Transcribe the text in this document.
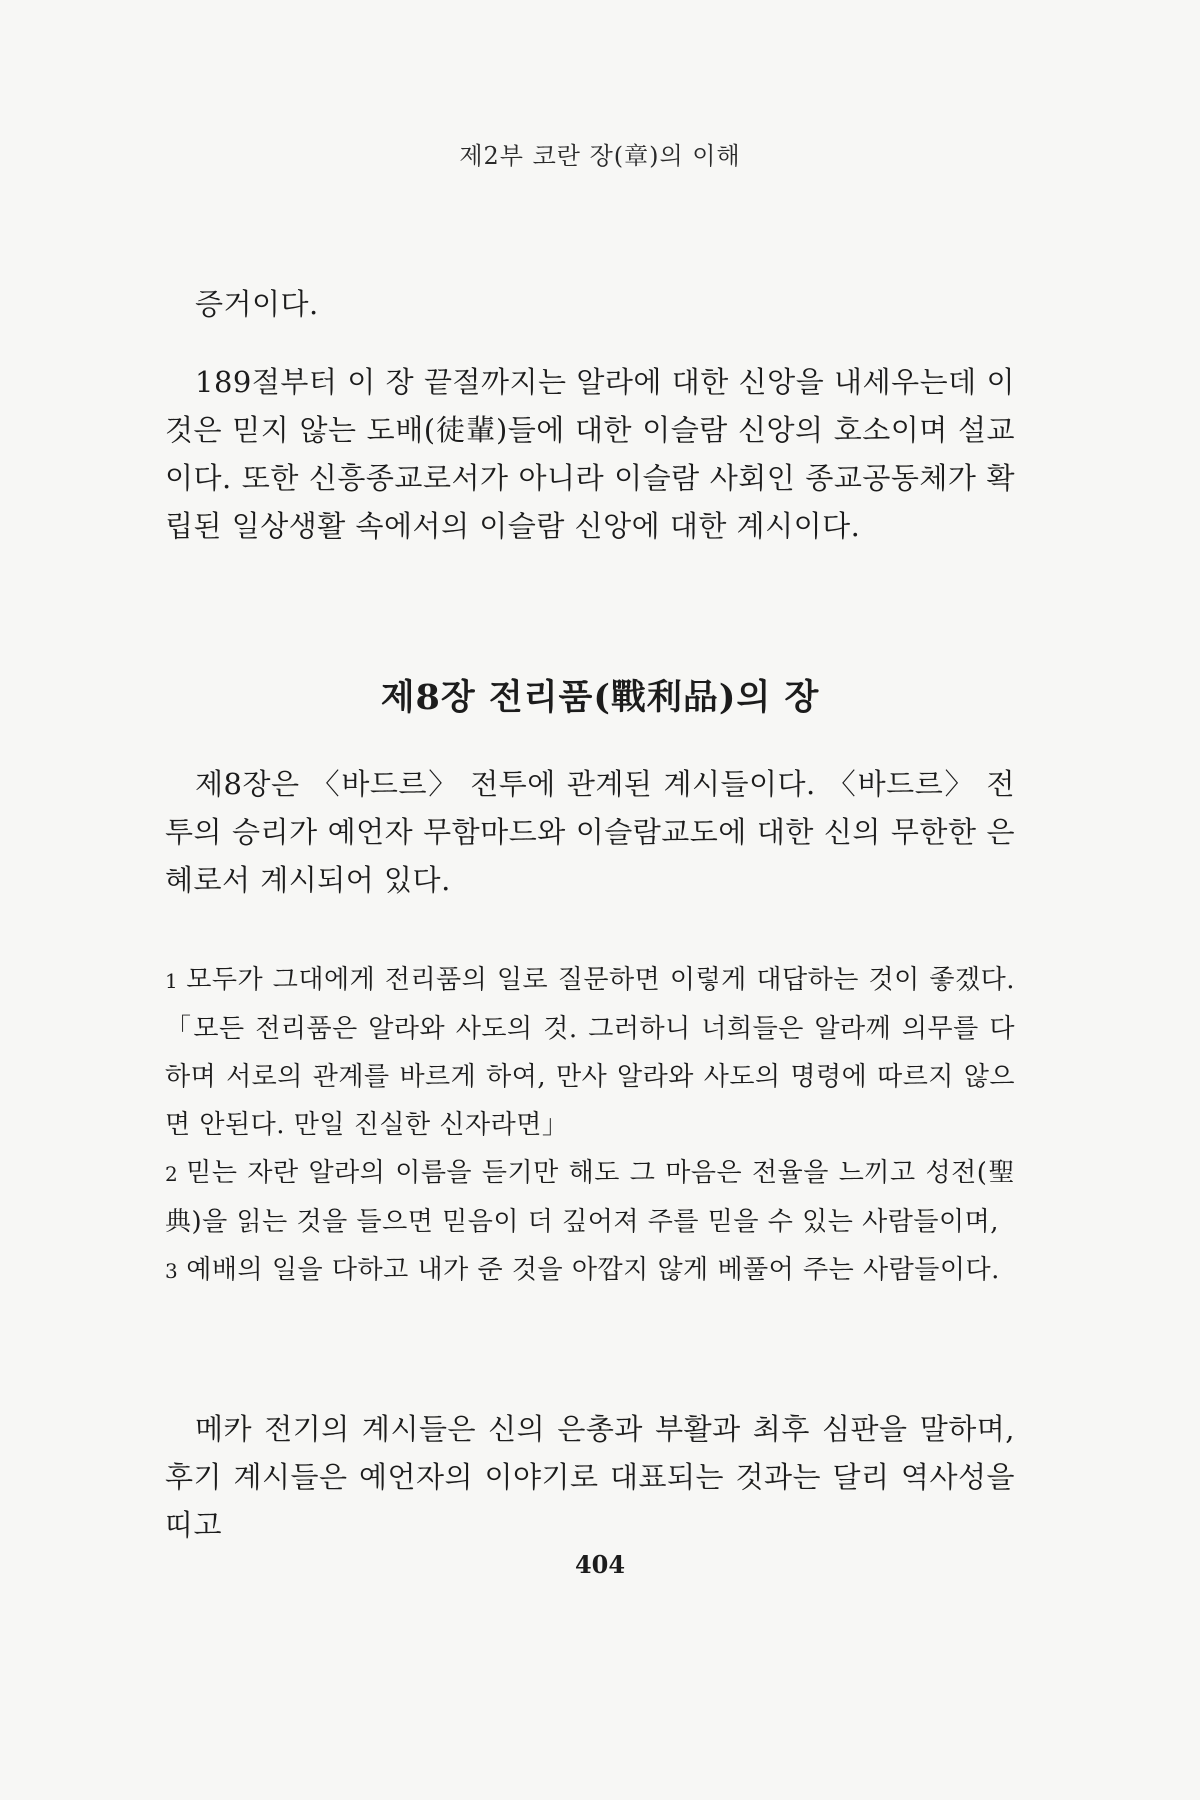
제2부 코란 장(章)의 이해

증거이다.

189절부터 이 장 끝절까지는 알라에 대한 신앙을 내세우는데 이것은 믿지 않는 도배(徒輩)들에 대한 이슬람 신앙의 호소이며 설교이다. 또한 신흥종교로서가 아니라 이슬람 사회인 종교공동체가 확립된 일상생활 속에서의 이슬람 신앙에 대한 계시이다.

제8장 전리품(戰利品)의 장

제8장은 〈바드르〉 전투에 관계된 계시들이다. 〈바드르〉 전투의 승리가 예언자 무함마드와 이슬람교도에 대한 신의 무한한 은혜로서 계시되어 있다.

1 모두가 그대에게 전리품의 일로 질문하면 이렇게 대답하는 것이 좋겠다. 「모든 전리품은 알라와 사도의 것. 그러하니 너희들은 알라께 의무를 다하며 서로의 관계를 바르게 하여, 만사 알라와 사도의 명령에 따르지 않으면 안된다. 만일 진실한 신자라면」

2 믿는 자란 알라의 이름을 듣기만 해도 그 마음은 전율을 느끼고 성전(聖典)을 읽는 것을 들으면 믿음이 더 깊어져 주를 믿을 수 있는 사람들이며,

3 예배의 일을 다하고 내가 준 것을 아깝지 않게 베풀어 주는 사람들이다.

메카 전기의 계시들은 신의 은총과 부활과 최후 심판을 말하며, 후기 계시들은 예언자의 이야기로 대표되는 것과는 달리 역사성을 띠고

404
